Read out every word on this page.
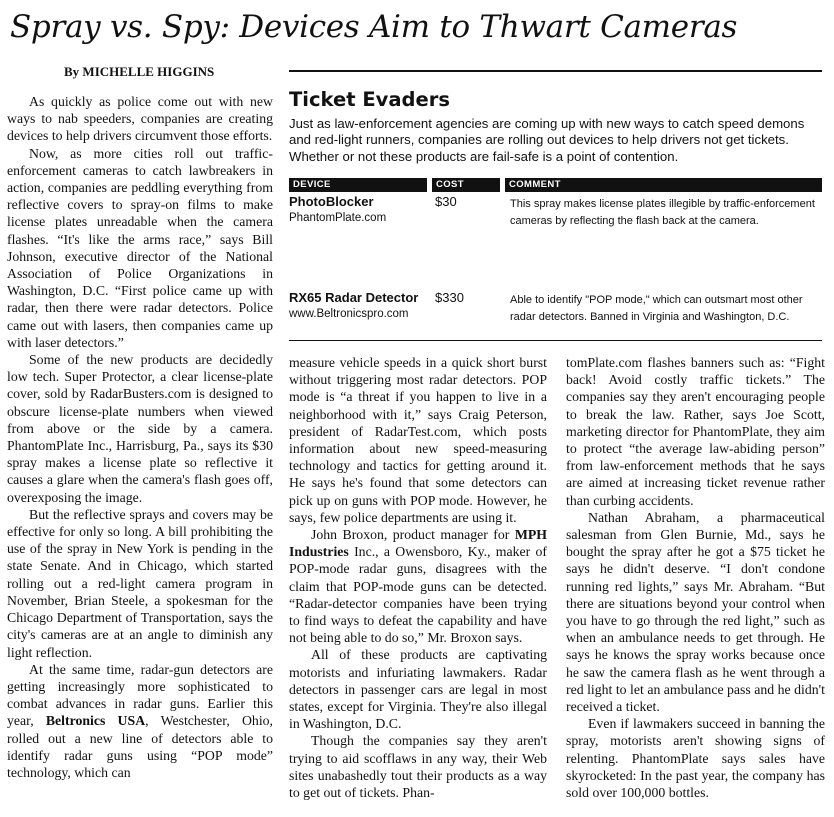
Spray vs. Spy: Devices Aim to Thwart Cameras
By MICHELLE HIGGINS

As quickly as police come out with new ways to nab speeders, companies are creating devices to help drivers circumvent those efforts.

Now, as more cities roll out traffic-enforcement cameras to catch lawbreakers in action, companies are peddling everything from reflective covers to spray-on films to make license plates unreadable when the camera flashes. “It's like the arms race,” says Bill Johnson, executive director of the National Association of Police Organizations in Washington, D.C. “First police came up with radar, then there were radar detectors. Police came out with lasers, then companies came up with laser detectors.”

Some of the new products are decidedly low tech. Super Protector, a clear license-plate cover, sold by RadarBusters.com is designed to obscure license-plate numbers when viewed from above or the side by a camera. PhantomPlate Inc., Harrisburg, Pa., says its $30 spray makes a license plate so reflective it causes a glare when the camera's flash goes off, overexposing the image.

But the reflective sprays and covers may be effective for only so long. A bill prohibiting the use of the spray in New York is pending in the state Senate. And in Chicago, which started rolling out a red-light camera program in November, Brian Steele, a spokesman for the Chicago Department of Transportation, says the city's cameras are at an angle to diminish any light reflection.

At the same time, radar-gun detectors are getting increasingly more sophisticated to combat advances in radar guns. Earlier this year, Beltronics USA, Westchester, Ohio, rolled out a new line of detectors able to identify radar guns using “POP mode” technology, which can

Ticket Evaders

Just as law-enforcement agencies are coming up with new ways to catch speed demons and red-light runners, companies are rolling out devices to help drivers not get tickets. Whether or not these products are fail-safe is a point of contention.

DEVICE	COST	COMMENT
PhotoBlocker
PhantomPlate.com
$30	This spray makes license plates illegible by traffic-enforcement cameras by reflecting the flash back at the camera.
RX65 Radar Detector
www.Beltronicspro.com
$330	Able to identify "POP mode," which can outsmart most other radar detectors. Banned in Virginia and Washington, D.C.

measure vehicle speeds in a quick short burst without triggering most radar detectors. POP mode is “a threat if you happen to live in a neighborhood with it,” says Craig Peterson, president of RadarTest.com, which posts information about new speed-measuring technology and tactics for getting around it. He says he's found that some detectors can pick up on guns with POP mode. However, he says, few police departments are using it.

John Broxon, product manager for MPH Industries Inc., a Owensboro, Ky., maker of POP-mode radar guns, disagrees with the claim that POP-mode guns can be detected. “Radar-detector companies have been trying to find ways to defeat the capability and have not being able to do so,” Mr. Broxon says.

All of these products are captivating motorists and infuriating lawmakers. Radar detectors in passenger cars are legal in most states, except for Virginia. They're also illegal in Washington, D.C.

Though the companies say they aren't trying to aid scofflaws in any way, their Web sites unabashedly tout their products as a way to get out of tickets. Phan-

tomPlate.com flashes banners such as: “Fight back! Avoid costly traffic tickets.” The companies say they aren't encouraging people to break the law. Rather, says Joe Scott, marketing director for PhantomPlate, they aim to protect “the average law-abiding person” from law-enforcement methods that he says are aimed at increasing ticket revenue rather than curbing accidents.

Nathan Abraham, a pharmaceutical salesman from Glen Burnie, Md., says he bought the spray after he got a $75 ticket he says he didn't deserve. “I don't condone running red lights,” says Mr. Abraham. “But there are situations beyond your control when you have to go through the red light,” such as when an ambulance needs to get through. He says he knows the spray works because once he saw the camera flash as he went through a red light to let an ambulance pass and he didn't received a ticket.

Even if lawmakers succeed in banning the spray, motorists aren't showing signs of relenting. PhantomPlate says sales have skyrocketed: In the past year, the company has sold over 100,000 bottles.
